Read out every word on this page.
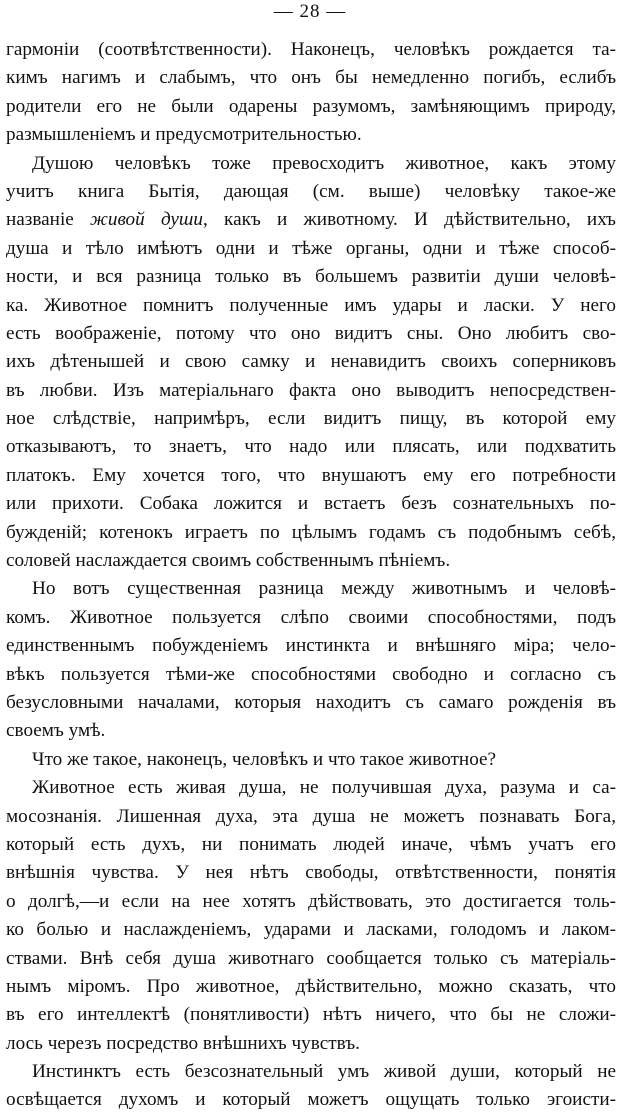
— 28 —
гармоніи (соотвѣтственности). Наконецъ, человѣкъ рождается та-
кимъ нагимъ и слабымъ, что онъ бы немедленно погибъ, еслибъ
родители его не были одарены разумомъ, замѣняющимъ природу,
размышленіемъ и предусмотрительностью.
Душою человѣкъ тоже превосходитъ животное, какъ этому
учитъ книга Бытія, дающая (см. выше) человѣку такое-же
названіе живой души, какъ и животному. И дѣйствительно, ихъ
душа и тѣло имѣютъ одни и тѣже органы, одни и тѣже способ-
ности, и вся разница только въ большемъ развитіи души человѣ-
ка. Животное помнитъ полученные имъ удары и ласки. У него
есть воображеніе, потому что оно видитъ сны. Оно любитъ сво-
ихъ дѣтенышей и свою самку и ненавидитъ своихъ соперниковъ
въ любви. Изъ матеріальнаго факта оно выводитъ непосредствен-
ное слѣдствіе, напримѣръ, если видитъ пищу, въ которой ему
отказываютъ, то знаетъ, что надо или плясать, или подхватить
платокъ. Ему хочется того, что внушаютъ ему его потребности
или прихоти. Собака ложится и встаетъ безъ сознательныхъ по-
бужденій; котенокъ играетъ по цѣлымъ годамъ съ подобнымъ себѣ,
соловей наслаждается своимъ собственнымъ пѣніемъ.
Но вотъ существенная разница между животнымъ и человѣ-
комъ. Животное пользуется слѣпо своими способностями, подъ
единственнымъ побужденіемъ инстинкта и внѣшняго міра; чело-
вѣкъ пользуется тѣми-же способностями свободно и согласно съ
безусловными началами, которыя находитъ съ самаго рожденія въ
своемъ умѣ.
Что же такое, наконецъ, человѣкъ и что такое животное?
Животное есть живая душа, не получившая духа, разума и са-
мосознанія. Лишенная духа, эта душа не можетъ познавать Бога,
который есть духъ, ни понимать людей иначе, чѣмъ учатъ его
внѣшнія чувства. У нея нѣтъ свободы, отвѣтственности, понятія
о долгѣ,—и если на нее хотятъ дѣйствовать, это достигается толь-
ко болью и наслажденіемъ, ударами и ласками, голодомъ и лаком-
ствами. Внѣ себя душа животнаго сообщается только съ матеріаль-
нымъ міромъ. Про животное, дѣйствительно, можно сказать, что
въ его интеллектѣ (понятливости) нѣтъ ничего, что бы не сложи-
лось черезъ посредство внѣшнихъ чувствъ.
Инстинктъ есть безсознательный умъ живой души, который не
освѣщается духомъ и который можетъ ощущать только эгоисти-
